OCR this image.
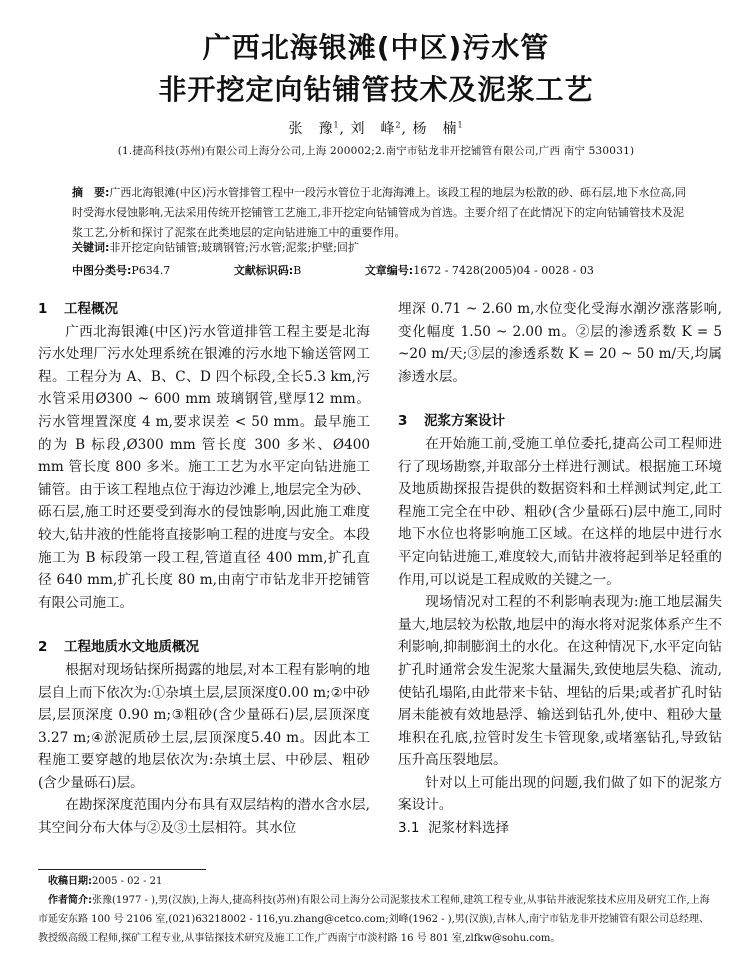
广西北海银滩(中区)污水管
非开挖定向钻铺管技术及泥浆工艺
张　豫$^1$, 刘　峰$^2$, 杨　楠$^1$
(1.捷高科技(苏州)有限公司上海分公司,上海 200002;2.南宁市钻龙非开挖铺管有限公司,广西 南宁 530031)
摘　要:广西北海银滩(中区)污水管排管工程中一段污水管位于北海海滩上。该段工程的地层为松散的砂、砾石层,地下水位高,同时受海水侵蚀影响,无法采用传统开挖铺管工艺施工,非开挖定向钻铺管成为首选。主要介绍了在此情况下的定向钻铺管技术及泥浆工艺,分析和探讨了泥浆在此类地层的定向钻进施工中的重要作用。
关键词:非开挖定向钻铺管;玻璃钢管;污水管;泥浆;护壁;回扩
中图分类号:P634.7	文献标识码:B	文章编号:1672 - 7428(2005)04 - 0028 - 03
1 工程概况

广西北海银滩(中区)污水管道排管工程主要是北海污水处理厂污水处理系统在银滩的污水地下输送管网工程。工程分为 A、B、C、D 四个标段,全长5.3 km,污水管采用Ø300 ~ 600 mm 玻璃钢管,壁厚12 mm。污水管埋置深度 4 m,要求误差 < 50 mm。最早施工的为 B 标段,Ø300 mm 管长度 300 多米、Ø400 mm 管长度 800 多米。施工工艺为水平定向钻进施工铺管。由于该工程地点位于海边沙滩上,地层完全为砂、砾石层,施工时还要受到海水的侵蚀影响,因此施工难度较大,钻井液的性能将直接影响工程的进度与安全。本段施工为 B 标段第一段工程,管道直径 400 mm,扩孔直径 640 mm,扩孔长度 80 m,由南宁市钻龙非开挖铺管有限公司施工。

2 工程地质水文地质概况

根据对现场钻探所揭露的地层,对本工程有影响的地层自上而下依次为:①杂填土层,层顶深度0.00 m;②中砂层,层顶深度 0.90 m;③粗砂(含少量砾石)层,层顶深度 3.27 m;④淤泥质砂土层,层顶深度5.40 m。因此本工程施工要穿越的地层依次为:杂填土层、中砂层、粗砂(含少量砾石)层。

在勘探深度范围内分布具有双层结构的潜水含水层,其空间分布大体与②及③土层相符。其水位

埋深 0.71 ~ 2.60 m,水位变化受海水潮汐涨落影响,变化幅度 1.50 ~ 2.00 m。②层的渗透系数 K = 5 ~20 m/天;③层的渗透系数 K = 20 ~ 50 m/天,均属渗透水层。

3 泥浆方案设计

在开始施工前,受施工单位委托,捷高公司工程师进行了现场勘察,并取部分土样进行测试。根据施工环境及地质勘探报告提供的数据资料和土样测试判定,此工程施工完全在中砂、粗砂(含少量砾石)层中施工,同时地下水位也将影响施工区域。在这样的地层中进行水平定向钻进施工,难度较大,而钻井液将起到举足轻重的作用,可以说是工程成败的关键之一。

现场情况对工程的不利影响表现为:施工地层漏失量大,地层较为松散,地层中的海水将对泥浆体系产生不利影响,抑制膨润土的水化。在这种情况下,水平定向钻扩孔时通常会发生泥浆大量漏失,致使地层失稳、流动,使钻孔塌陷,由此带来卡钻、埋钻的后果;或者扩孔时钻屑未能被有效地悬浮、输送到钻孔外,使中、粗砂大量堆积在孔底,拉管时发生卡管现象,或堵塞钻孔,导致钻压升高压裂地层。

针对以上可能出现的问题,我们做了如下的泥浆方案设计。

3.1 泥浆材料选择
收稿日期:2005 - 02 - 21
作者简介:张豫(1977 - ),男(汉族),上海人,捷高科技(苏州)有限公司上海分公司泥浆技术工程师,建筑工程专业,从事钻井液泥浆技术应用及研究工作,上海市延安东路 100 号 2106 室,(021)63218002 - 116,yu.zhang@cetco.com;刘峰(1962 - ),男(汉族),吉林人,南宁市钻龙非开挖铺管有限公司总经理、教授级高级工程师,探矿工程专业,从事钻探技术研究及施工工作,广西南宁市淡村路 16 号 801 室,zlfkw@sohu.com。
